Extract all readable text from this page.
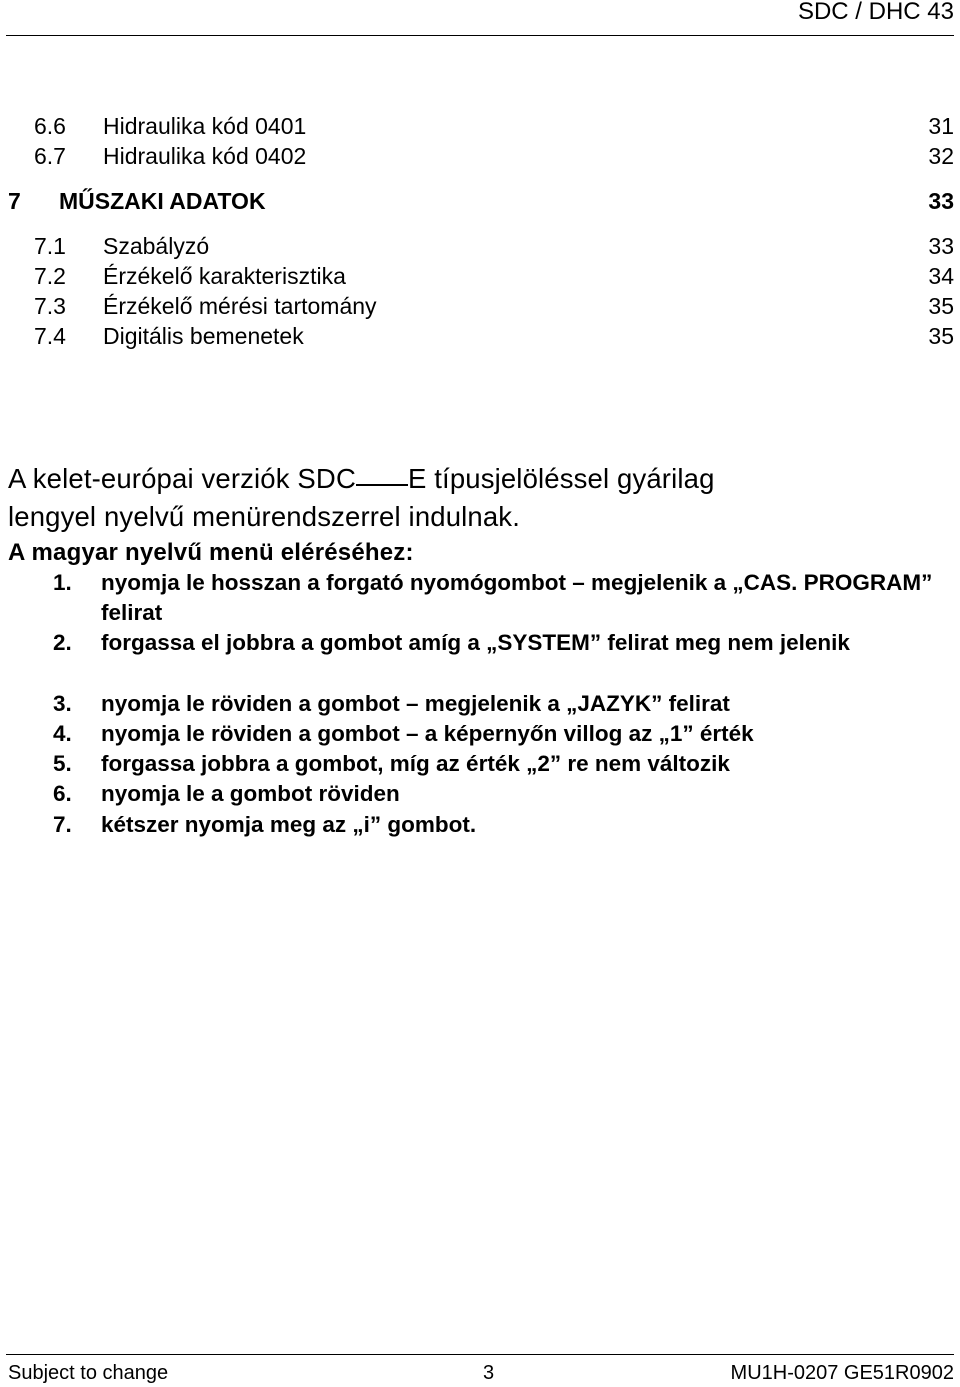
SDC / DHC 43
6.6 Hidraulika kód 0401	31
6.7 Hidraulika kód 0402	32
7 MŰSZAKI ADATOK	33
7.1 Szabályzó	33
7.2 Érzékelő karakterisztika	34
7.3 Érzékelő mérési tartomány	35
7.4 Digitális bemenetek	35
A kelet-európai verziók SDC E típusjelöléssel gyárilag
lengyel nyelvű menürendszerrel indulnak.
A magyar nyelvű menü eléréséhez:
1. nyomja le hosszan a forgató nyomógombot – megjelenik a „CAS. PROGRAM” felirat
2. forgassa el jobbra a gombot amíg a „SYSTEM” felirat meg nem jelenik
3. nyomja le röviden a gombot – megjelenik a „JAZYK” felirat
4. nyomja le röviden a gombot – a képernyőn villog az „1” érték
5. forgassa jobbra a gombot, míg az érték „2” re nem változik
6. nyomja le a gombot röviden
7. kétszer nyomja meg az „i” gombot.
Subject to change	3	MU1H-0207 GE51R0902
